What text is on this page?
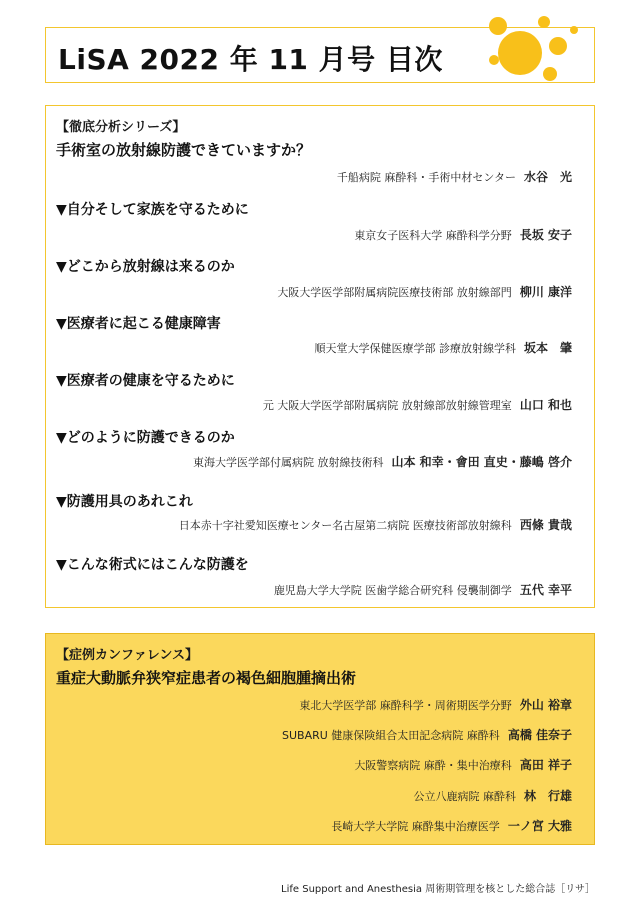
LiSA 2022 年 11 月号 目次
【徹底分析シリーズ】
手術室の放射線防護できていますか？
千船病院 麻酔科・手術中材センター 水谷　光
▼自分そして家族を守るために
東京女子医科大学 麻酔科学分野 長坂 安子
▼どこから放射線は来るのか
大阪大学医学部附属病院医療技術部 放射線部門 柳川 康洋
▼医療者に起こる健康障害
順天堂大学保健医療学部 診療放射線学科 坂本　肇
▼医療者の健康を守るために
元 大阪大学医学部附属病院 放射線部放射線管理室 山口 和也
▼どのように防護できるのか
東海大学医学部付属病院 放射線技術科 山本 和幸・會田 直史・藤嶋 啓介
▼防護用具のあれこれ
日本赤十字社愛知医療センター名古屋第二病院 医療技術部放射線科 西條 貴哉
▼こんな術式にはこんな防護を
鹿児島大学大学院 医歯学総合研究科 侵襲制御学 五代 幸平
【症例カンファレンス】
重症大動脈弁狭窄症患者の褐色細胞腫摘出術
東北大学医学部 麻酔科学・周術期医学分野 外山 裕章
SUBARU 健康保険組合太田記念病院 麻酔科 高橋 佳奈子
大阪警察病院 麻酔・集中治療科 高田 祥子
公立八鹿病院 麻酔科 林　行雄
長崎大学大学院 麻酔集中治療医学 一ノ宮 大雅
Life Support and Anesthesia 周術期管理を核とした総合誌［リサ］
